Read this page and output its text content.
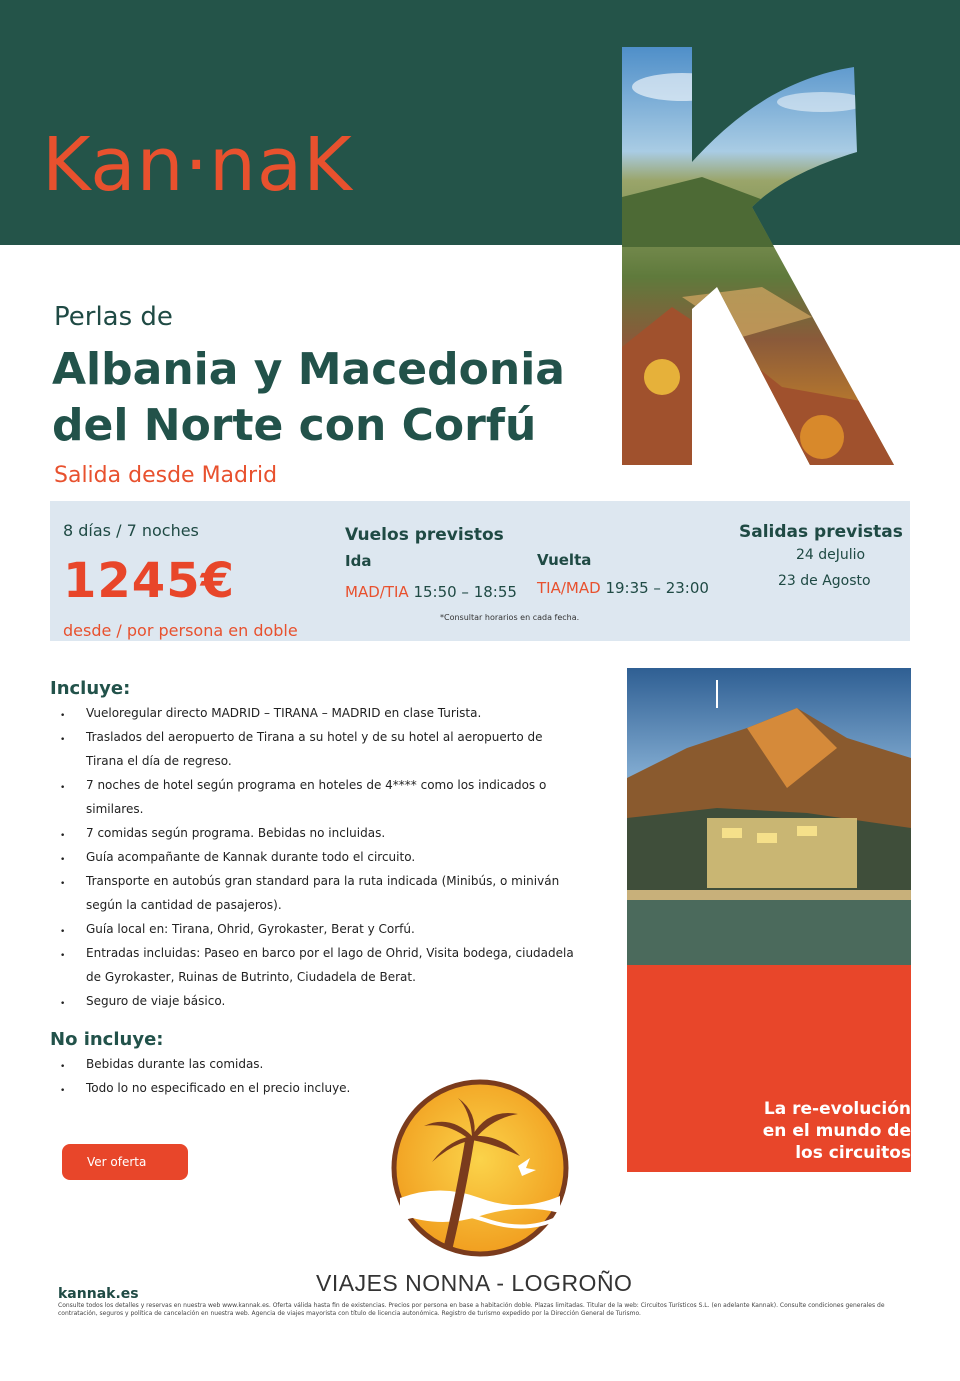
Kan·naK
Perlas de
Albania y Macedonia
del Norte con Corfú
Salida desde Madrid
8 días / 7 noches
1245€
desde / por persona en doble
Vuelos previstos
Ida
MAD/TIA 15:50 – 18:55
Vuelta
TIA/MAD 19:35 – 23:00
*Consultar horarios en cada fecha.
Salidas previstas
24 deJulio
23 de Agosto
Incluye:
• Vueloregular directo MADRID – TIRANA – MADRID en clase Turista.
• Traslados del aeropuerto de Tirana a su hotel y de su hotel al aeropuerto de Tirana el día de regreso.
• 7 noches de hotel según programa en hoteles de 4**** como los indicados o similares.
• 7 comidas según programa. Bebidas no incluidas.
• Guía acompañante de Kannak durante todo el circuito.
• Transporte en autobús gran standard para la ruta indicada (Minibús, o miniván según la cantidad de pasajeros).
• Guía local en: Tirana, Ohrid, Gyrokaster, Berat y Corfú.
• Entradas incluidas: Paseo en barco por el lago de Ohrid, Visita bodega, ciudadela de Gyrokaster, Ruinas de Butrinto, Ciudadela de Berat.
• Seguro de viaje básico.
No incluye:
• Bebidas durante las comidas.
• Todo lo no especificado en el precio incluye.
La re-evolución
en el mundo de
los circuitos
Ver oferta
VIAJES NONNA - LOGROÑO
kannak.es
Consulte todos los detalles y reservas en nuestra web www.kannak.es. Oferta válida hasta fin de existencias. Precios por persona en base a habitación doble. Plazas limitadas. Titular de la web: Circuitos Turísticos S.L. (en adelante Kannak). Consulte condiciones generales de contratación, seguros y política de cancelación en nuestra web. Agencia de viajes mayorista con título de licencia autonómica. Registro de turismo expedido por la Dirección General de Turismo.
